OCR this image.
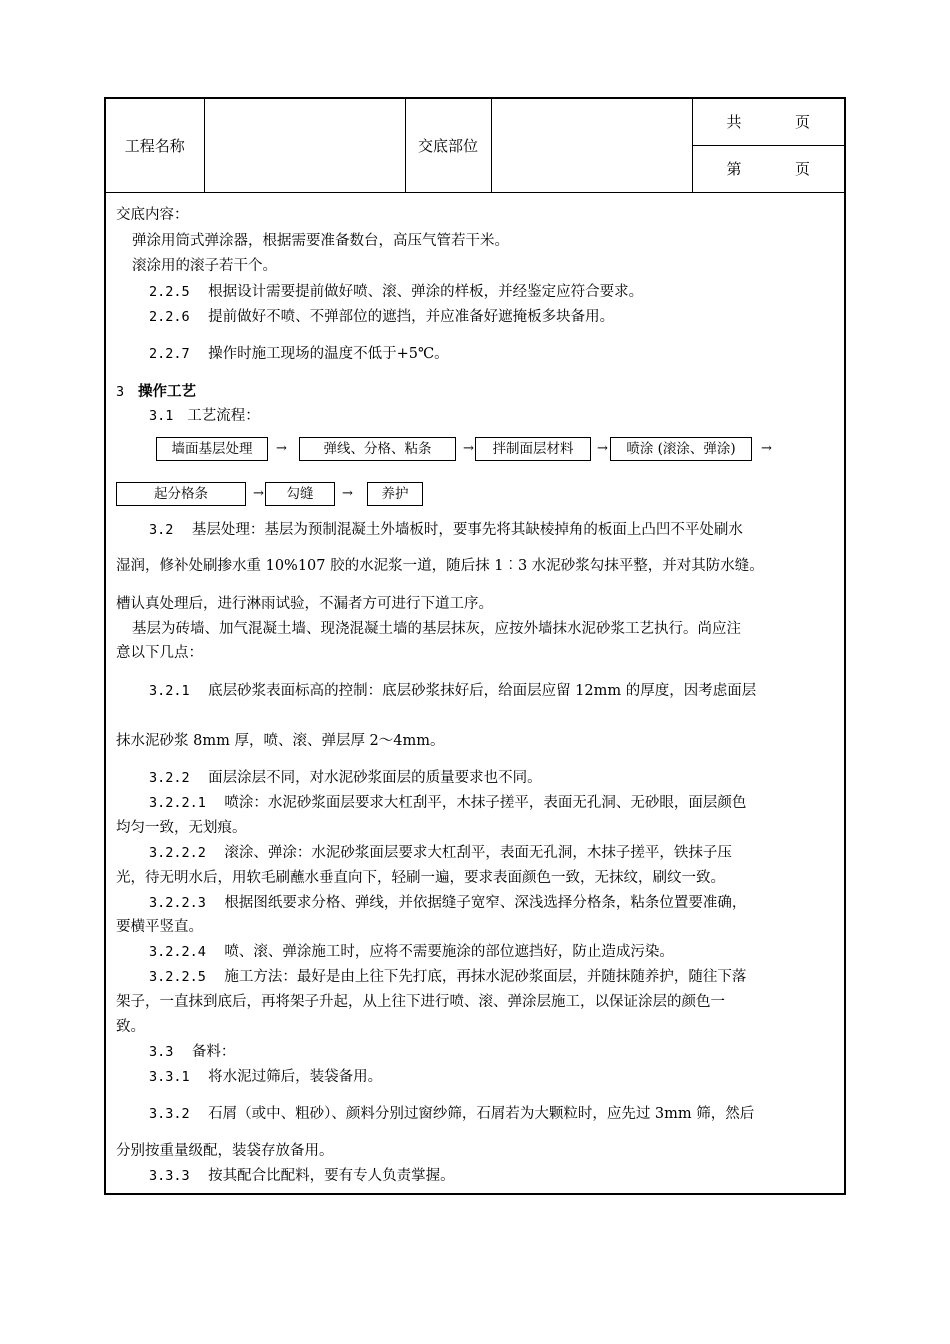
工程名称		交底部位		
共	页

第	页
交底内容：
弹涂用筒式弹涂器，根据需要准备数台，高压气管若干米。
滚涂用的滚子若干个。
2.2.5 根据设计需要提前做好喷、滚、弹涂的样板，并经鉴定应符合要求。
2.2.6 提前做好不喷、不弹部位的遮挡，并应准备好遮掩板多块备用。
2.2.7 操作时施工现场的温度不低于+5℃。
3 操作工艺
3.1 工艺流程：
墙面基层处理	→	弹线、分格、粘条	→	拌制面层材料	→	喷涂 (滚涂、弹涂)	→
起分格条	→	勾缝	→	养护
3.2 基层处理：基层为预制混凝土外墙板时，要事先将其缺棱掉角的板面上凸凹不平处刷水
湿润，修补处刷掺水重 10%107 胶的水泥浆一道，随后抹 1︰3 水泥砂浆勾抹平整，并对其防水缝。
槽认真处理后，进行淋雨试验，不漏者方可进行下道工序。
基层为砖墙、加气混凝土墙、现浇混凝土墙的基层抹灰，应按外墙抹水泥砂浆工艺执行。尚应注
意以下几点：
3.2.1 底层砂浆表面标高的控制：底层砂浆抹好后，给面层应留 12mm 的厚度，因考虑面层
抹水泥砂浆 8mm 厚，喷、滚、弹层厚 2～4mm。
3.2.2 面层涂层不同，对水泥砂浆面层的质量要求也不同。
3.2.2.1 喷涂：水泥砂浆面层要求大杠刮平，木抹子搓平，表面无孔洞、无砂眼，面层颜色
均匀一致，无划痕。
3.2.2.2 滚涂、弹涂：水泥砂浆面层要求大杠刮平，表面无孔洞，木抹子搓平，铁抹子压
光，待无明水后，用软毛刷蘸水垂直向下，轻刷一遍，要求表面颜色一致，无抹纹，刷纹一致。
3.2.2.3 根据图纸要求分格、弹线，并依据缝子宽窄、深浅选择分格条，粘条位置要准确，
要横平竖直。
3.2.2.4 喷、滚、弹涂施工时，应将不需要施涂的部位遮挡好，防止造成污染。
3.2.2.5 施工方法：最好是由上往下先打底，再抹水泥砂浆面层，并随抹随养护，随往下落
架子，一直抹到底后，再将架子升起，从上往下进行喷、滚、弹涂层施工，以保证涂层的颜色一
致。
3.3 备料：
3.3.1 将水泥过筛后，装袋备用。
3.3.2 石屑（或中、粗砂）、颜料分别过窗纱筛，石屑若为大颗粒时，应先过 3mm 筛，然后
分别按重量级配，装袋存放备用。
3.3.3 按其配合比配料，要有专人负责掌握。
